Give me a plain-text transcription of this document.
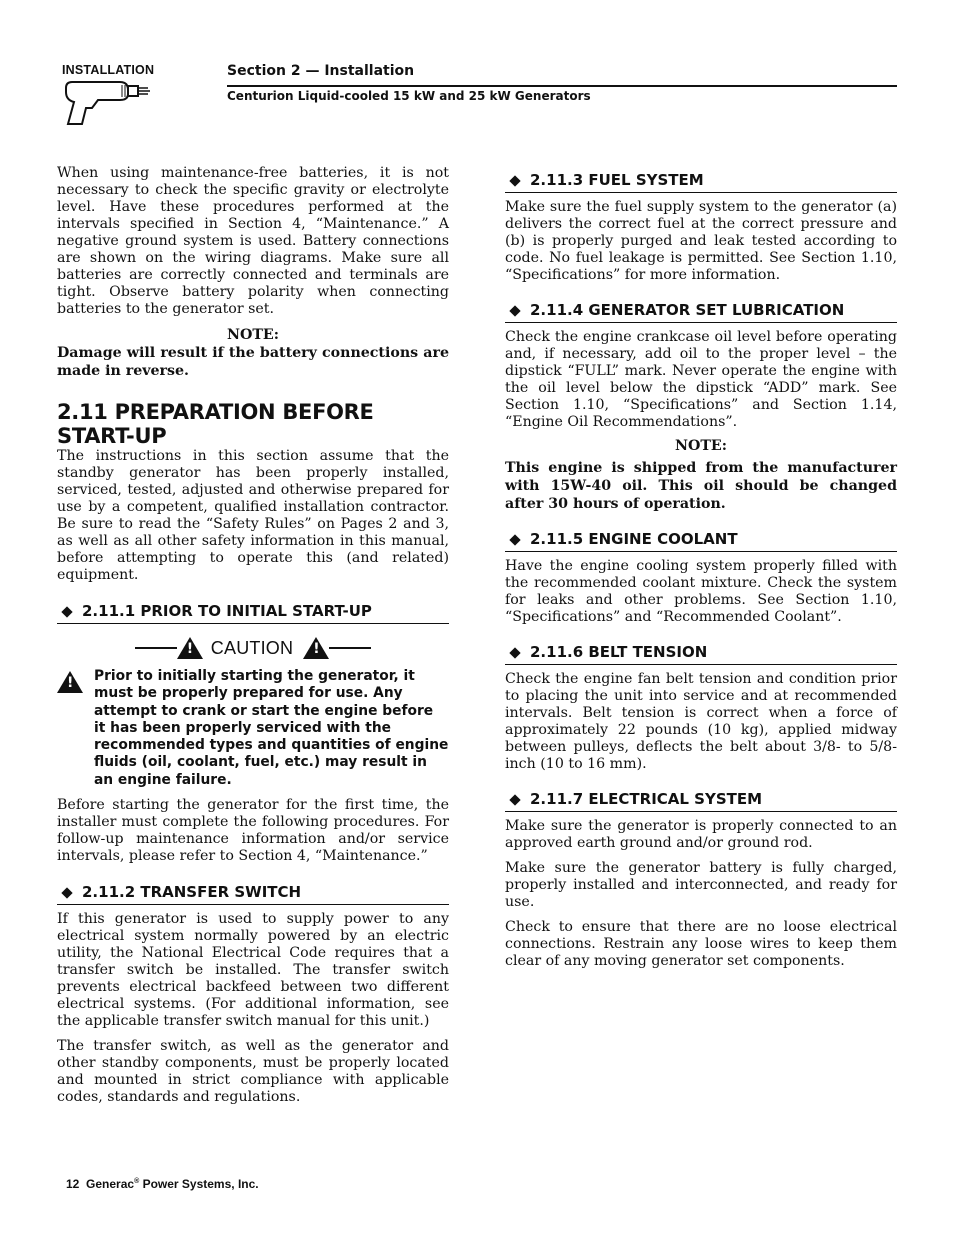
INSTALLATION	Section 2 — Installation
Centurion Liquid-cooled 15 kW and 25 kW Generators

When using maintenance-free batteries, it is not necessary to check the specific gravity or electrolyte level. Have these procedures performed at the intervals specified in Section 4, “Maintenance.” A negative ground system is used. Battery connections are shown on the wiring diagrams. Make sure all batteries are correctly connected and terminals are tight. Observe battery polarity when connecting batteries to the generator set.

NOTE:

Damage will result if the battery connections are made in reverse.

2.11 PREPARATION BEFORE START-UP

The instructions in this section assume that the standby generator has been properly installed, serviced, tested, adjusted and otherwise prepared for use by a competent, qualified installation contractor. Be sure to read the “Safety Rules” on Pages 2 and 3, as well as all other safety information in this manual, before attempting to operate this (and related) equipment.

2.11.1 PRIOR TO INITIAL START-UP
!
CAUTION
!
!

Prior to initially starting the generator, it must be properly prepared for use. Any attempt to crank or start the engine before it has been properly serviced with the recommended types and quantities of engine fluids (oil, coolant, fuel, etc.) may result in an engine failure.

Before starting the generator for the first time, the installer must complete the following procedures. For follow-up maintenance information and/or service intervals, please refer to Section 4, “Maintenance.”

2.11.2 TRANSFER SWITCH

If this generator is used to supply power to any electrical system normally powered by an electric utility, the National Electrical Code requires that a transfer switch be installed. The transfer switch prevents electrical backfeed between two different electrical systems. (For additional information, see the applicable transfer switch manual for this unit.)

The transfer switch, as well as the generator and other standby components, must be properly located and mounted in strict compliance with applicable codes, standards and regulations.

2.11.3 FUEL SYSTEM

Make sure the fuel supply system to the generator (a) delivers the correct fuel at the correct pressure and (b) is properly purged and leak tested according to code. No fuel leakage is permitted. See Section 1.10, “Specifications” for more information.

2.11.4 GENERATOR SET LUBRICATION

Check the engine crankcase oil level before operating and, if necessary, add oil to the proper level – the dipstick “FULL” mark. Never operate the engine with the oil level below the dipstick “ADD” mark. See Section 1.10, “Specifications” and Section 1.14, “Engine Oil Recommendations”.

NOTE:

This engine is shipped from the manufacturer with 15W-40 oil. This oil should be changed after 30 hours of operation.

2.11.5 ENGINE COOLANT

Have the engine cooling system properly filled with the recommended coolant mixture. Check the system for leaks and other problems. See Section 1.10, “Specifications” and “Recommended Coolant”.

2.11.6 BELT TENSION

Check the engine fan belt tension and condition prior to placing the unit into service and at recommended intervals. Belt tension is correct when a force of approximately 22 pounds (10 kg), applied midway between pulleys, deflects the belt about 3/8- to 5/8-inch (10 to 16 mm).

2.11.7 ELECTRICAL SYSTEM

Make sure the generator is properly connected to an approved earth ground and/or ground rod.

Make sure the generator battery is fully charged, properly installed and interconnected, and ready for use.

Check to ensure that there are no loose electrical connections. Restrain any loose wires to keep them clear of any moving generator set components.

12 Generac® Power Systems, Inc.
